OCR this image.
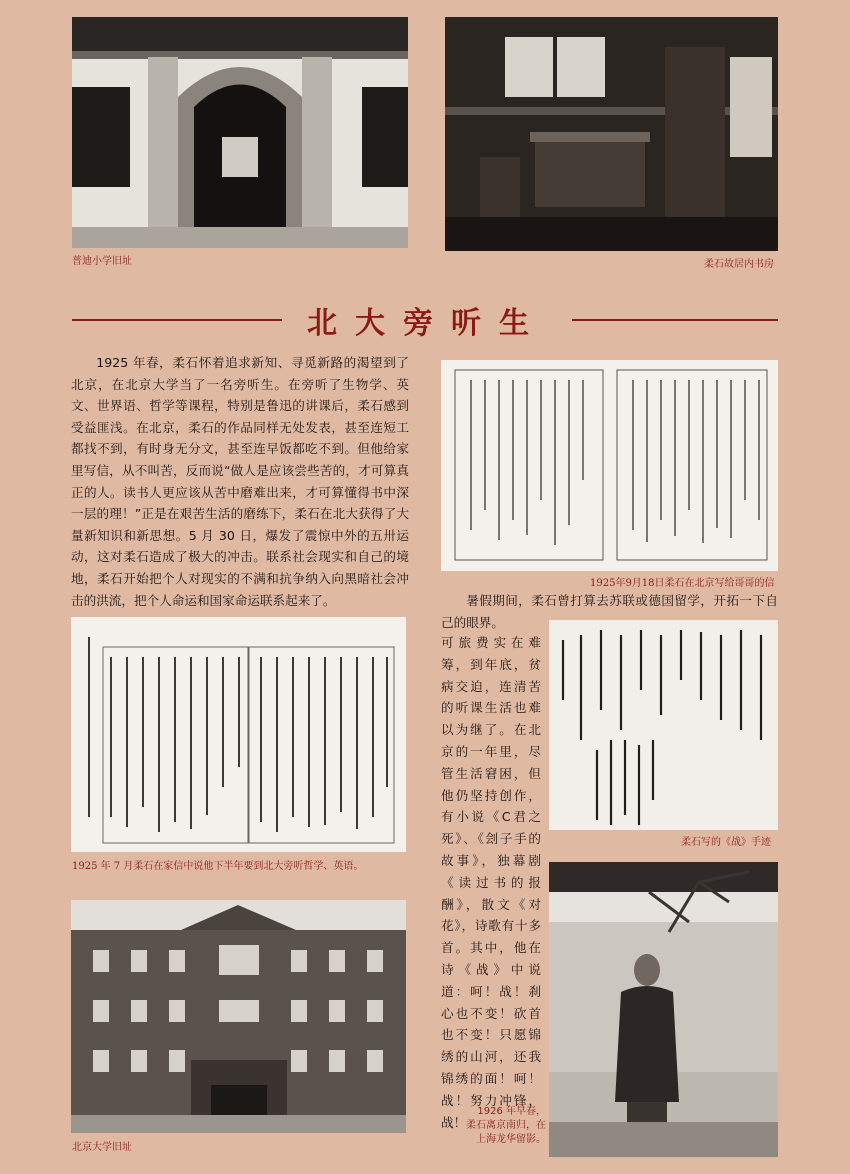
普迪小学旧址	柔石故居内书房
北大旁听生
1925 年春，柔石怀着追求新知、寻觅新路的渴望到了北京，在北京大学当了一名旁听生。在旁听了生物学、英文、世界语、哲学等课程，特别是鲁迅的讲课后，柔石感到受益匪浅。在北京，柔石的作品同样无处发表，甚至连短工都找不到，有时身无分文，甚至连早饭都吃不到。但他给家里写信，从不叫苦，反而说“做人是应该尝些苦的，才可算真正的人。读书人更应该从苦中磨难出来，才可算懂得书中深一层的理！”正是在艰苦生活的磨练下，柔石在北大获得了大量新知识和新思想。5 月 30 日，爆发了震惊中外的五卅运动，这对柔石造成了极大的冲击。联系社会现实和自己的境地，柔石开始把个人对现实的不满和抗争纳入向黑暗社会冲击的洪流，把个人命运和国家命运联系起来了。
1925年9月18日柔石在北京写给哥哥的信
1925 年 7 月柔石在家信中说他下半年要到北大旁听哲学、英语。
暑假期间，柔石曾打算去苏联或德国留学，开拓一下自己的眼界。
可旅费实在难筹，到年底，贫病交迫，连清苦的听课生活也难以为继了。在北京的一年里，尽管生活窘困，但他仍坚持创作，有小说《C君之死》、《刽子手的故事》，独幕剧《读过书的报酬》，散文《对花》，诗歌有十多首。其中，他在诗《战》中说道：呵！战！刹心也不变！砍首也不变！只愿锦绣的山河，还我锦绣的面！呵！战！努力冲锋，战！
柔石写的《战》手迹
北京大学旧址
1926 年早春，
柔石离京南归，在
上海龙华留影。
